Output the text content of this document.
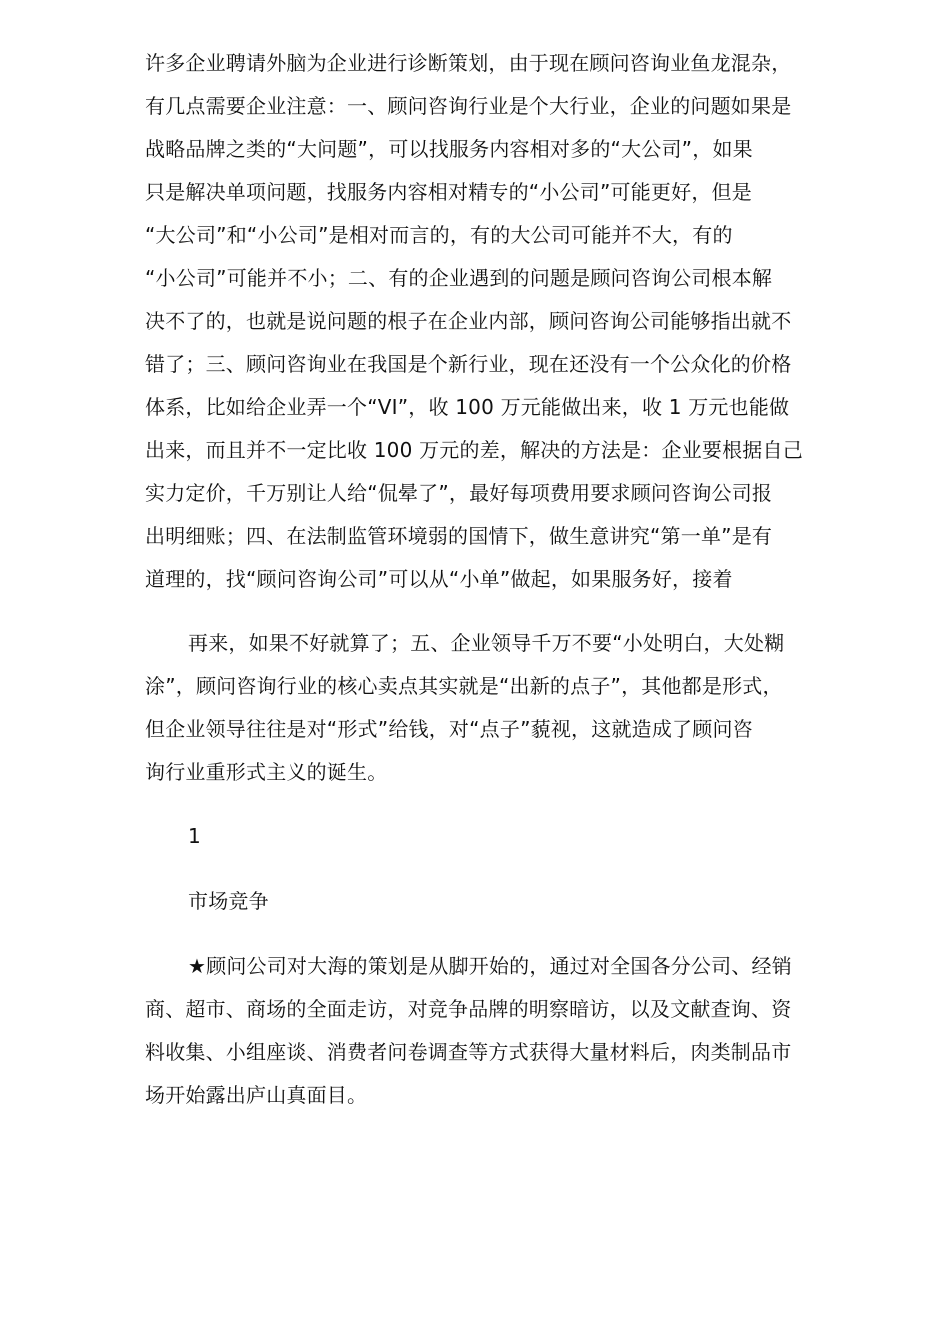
许多企业聘请外脑为企业进行诊断策划，由于现在顾问咨询业鱼龙混杂，
有几点需要企业注意：一、顾问咨询行业是个大行业，企业的问题如果是
战略品牌之类的“大问题”，可以找服务内容相对多的“大公司”，如果
只是解决单项问题，找服务内容相对精专的“小公司”可能更好，但是
“大公司”和“小公司”是相对而言的，有的大公司可能并不大，有的
“小公司”可能并不小；二、有的企业遇到的问题是顾问咨询公司根本解
决不了的，也就是说问题的根子在企业内部，顾问咨询公司能够指出就不
错了；三、顾问咨询业在我国是个新行业，现在还没有一个公众化的价格
体系，比如给企业弄一个“VI”，收 100 万元能做出来，收 1 万元也能做
出来，而且并不一定比收 100 万元的差，解决的方法是：企业要根据自己
实力定价，千万别让人给“侃晕了”，最好每项费用要求顾问咨询公司报
出明细账；四、在法制监管环境弱的国情下，做生意讲究“第一单”是有
道理的，找“顾问咨询公司”可以从“小单”做起，如果服务好，接着
再来，如果不好就算了；五、企业领导千万不要“小处明白，大处糊
涂”，顾问咨询行业的核心卖点其实就是“出新的点子”，其他都是形式，
但企业领导往往是对“形式”给钱，对“点子”藐视，这就造成了顾问咨
询行业重形式主义的诞生。
1
市场竞争
★顾问公司对大海的策划是从脚开始的，通过对全国各分公司、经销
商、超市、商场的全面走访，对竞争品牌的明察暗访，以及文献查询、资
料收集、小组座谈、消费者问卷调查等方式获得大量材料后，肉类制品市
场开始露出庐山真面目。
